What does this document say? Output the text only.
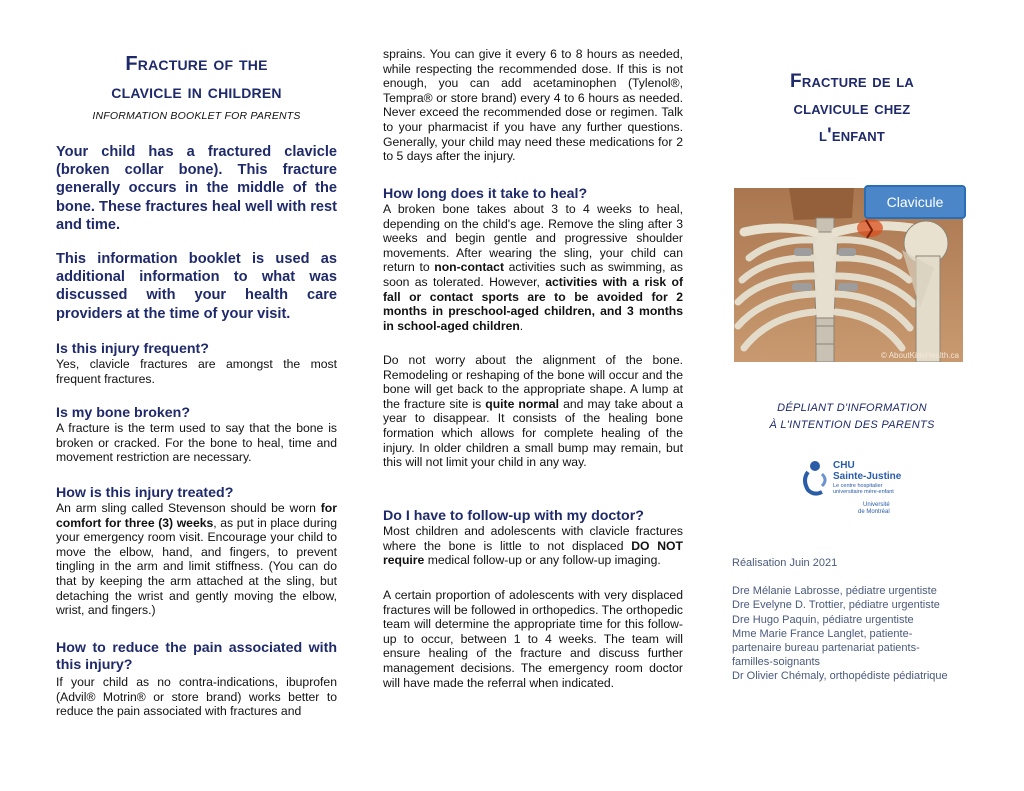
Fracture of the
clavicle in children

INFORMATION BOOKLET FOR PARENTS

Your child has a fractured clavicle (broken collar bone). This fracture generally occurs in the middle of the bone. These fractures heal well with rest and time.

This information booklet is used as additional information to what was discussed with your health care providers at the time of your visit.

Is this injury frequent?

Yes, clavicle fractures are amongst the most frequent fractures.

Is my bone broken?

A fracture is the term used to say that the bone is broken or cracked. For the bone to heal, time and movement restriction are necessary.

How is this injury treated?

An arm sling called Stevenson should be worn for comfort for three (3) weeks, as put in place during your emergency room visit. Encourage your child to move the elbow, hand, and fingers, to prevent tingling in the arm and limit stiffness. (You can do that by keeping the arm attached at the sling, but detaching the wrist and gently moving the elbow, wrist, and fingers.)

How to reduce the pain associated with this injury?

If your child as no contra-indications, ibuprofen (Advil® Motrin® or store brand) works better to reduce the pain associated with fractures and

sprains. You can give it every 6 to 8 hours as needed, while respecting the recommended dose. If this is not enough, you can add acetaminophen (Tylenol®, Tempra® or store brand) every 4 to 6 hours as needed. Never exceed the recommended dose or regimen. Talk to your pharmacist if you have any further questions. Generally, your child may need these medications for 2 to 5 days after the injury.

How long does it take to heal?

A broken bone takes about 3 to 4 weeks to heal, depending on the child's age. Remove the sling after 3 weeks and begin gentle and progressive shoulder movements. After wearing the sling, your child can return to non-contact activities such as swimming, as soon as tolerated. However, activities with a risk of fall or contact sports are to be avoided for 2 months in preschool-aged children, and 3 months in school-aged children.

Do not worry about the alignment of the bone. Remodeling or reshaping of the bone will occur and the bone will get back to the appropriate shape. A lump at the fracture site is quite normal and may take about a year to disappear. It consists of the healing bone formation which allows for complete healing of the injury. In older children a small bump may remain, but this will not limit your child in any way.

Do I have to follow-up with my doctor?

Most children and adolescents with clavicle fractures where the bone is little to not displaced DO NOT require medical follow-up or any follow-up imaging.

A certain proportion of adolescents with very displaced fractures will be followed in orthopedics. The orthopedic team will determine the appropriate time for this follow-up to occur, between 1 to 4 weeks. The team will ensure healing of the fracture and discuss further management decisions. The emergency room doctor will have made the referral when indicated.

Fracture de la
clavicule chez
l'enfant
© AboutKidsHealth.ca
Clavicule

DÉPLIANT D'INFORMATION

À L'INTENTION DES PARENTS

CHU
Sainte-Justine
Le centre hospitalier
universitaire mère-enfant
Université
de Montréal

Réalisation Juin 2021

Dre Mélanie Labrosse, pédiatre urgentiste

Dre Evelyne D. Trottier, pédiatre urgentiste

Dre Hugo Paquin, pédiatre urgentiste

Mme Marie France Langlet, patiente-partenaire bureau partenariat patients-familles-soignants

Dr Olivier Chémaly, orthopédiste pédiatrique
